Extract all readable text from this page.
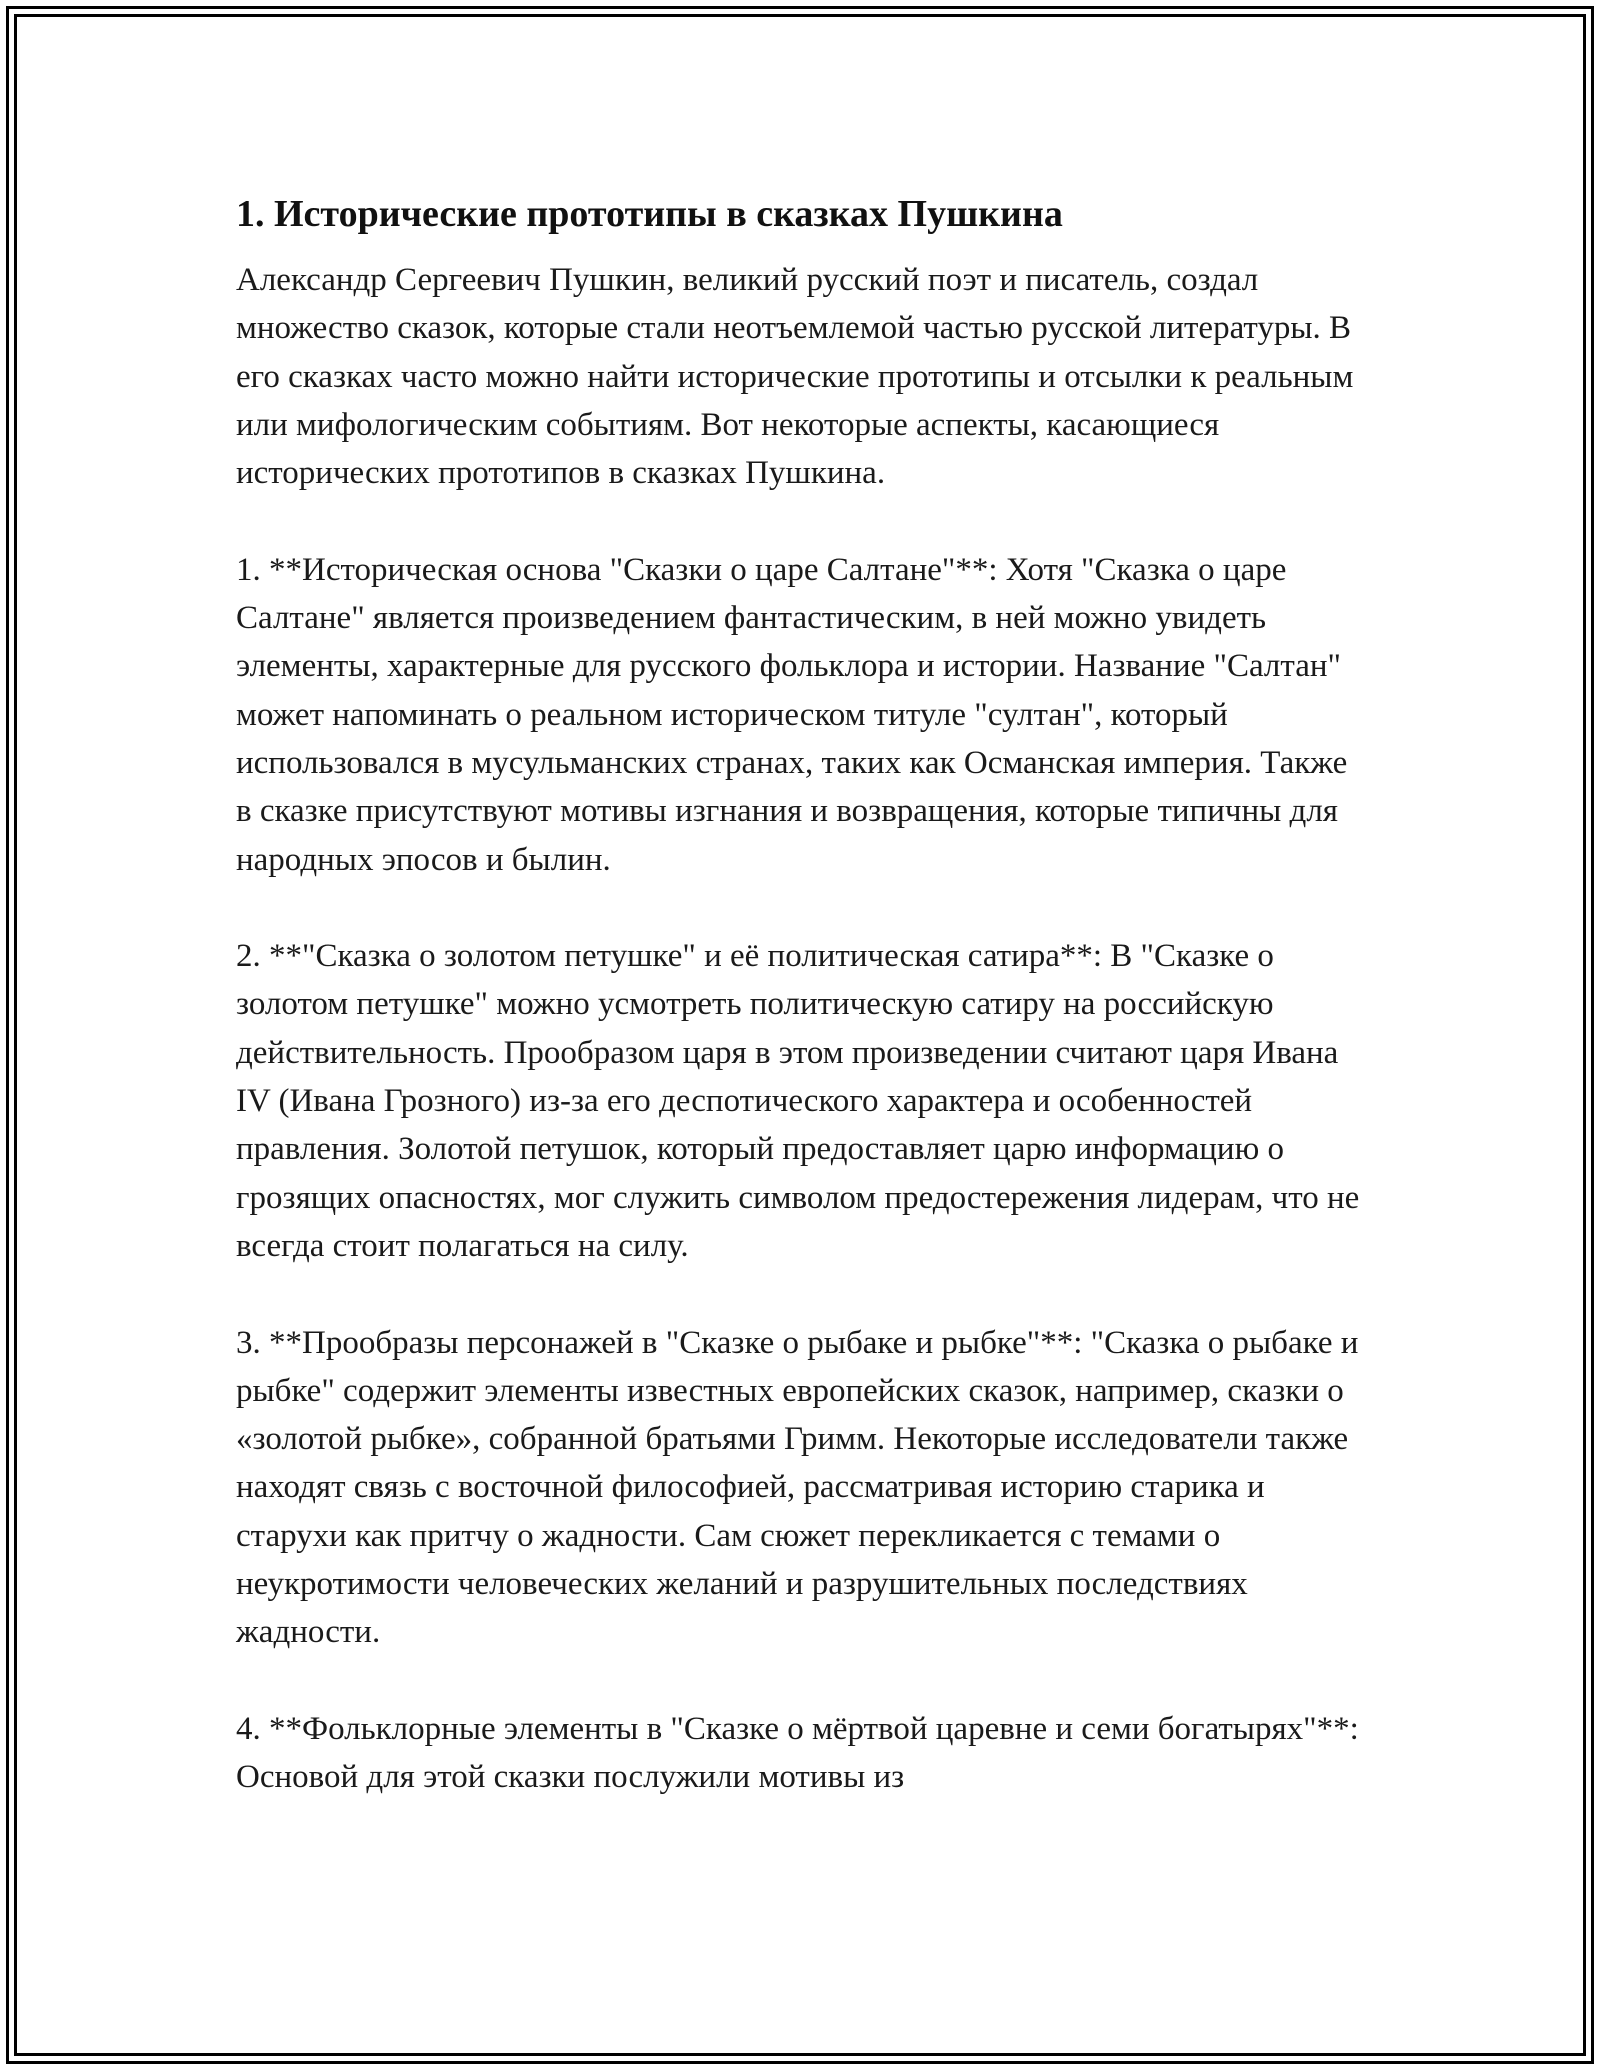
1. Исторические прототипы в сказках Пушкина

Александр Сергеевич Пушкин, великий русский поэт и писатель, создал множество сказок, которые стали неотъемлемой частью русской литературы. В его сказках часто можно найти исторические прототипы и отсылки к реальным или мифологическим событиям. Вот некоторые аспекты, касающиеся исторических прототипов в сказках Пушкина.

1. **Историческая основа "Сказки о царе Салтане"**: Хотя "Сказка о царе Салтане" является произведением фантастическим, в ней можно увидеть элементы, характерные для русского фольклора и истории. Название "Салтан" может напоминать о реальном историческом титуле "султан", который использовался в мусульманских странах, таких как Османская империя. Также в сказке присутствуют мотивы изгнания и возвращения, которые типичны для народных эпосов и былин.

2. **"Сказка о золотом петушке" и её политическая сатира**: В "Сказке о золотом петушке" можно усмотреть политическую сатиру на российскую действительность. Прообразом царя в этом произведении считают царя Ивана IV (Ивана Грозного) из-за его деспотического характера и особенностей правления. Золотой петушок, который предоставляет царю информацию о грозящих опасностях, мог служить символом предостережения лидерам, что не всегда стоит полагаться на силу.

3. **Прообразы персонажей в "Сказке о рыбаке и рыбке"**: "Сказка о рыбаке и рыбке" содержит элементы известных европейских сказок, например, сказки о «золотой рыбке», собранной братьями Гримм. Некоторые исследователи также находят связь с восточной философией, рассматривая историю старика и старухи как притчу о жадности. Сам сюжет перекликается с темами о неукротимости человеческих желаний и разрушительных последствиях жадности.

4. **Фольклорные элементы в "Сказке о мёртвой царевне и семи богатырях"**: Основой для этой сказки послужили мотивы из
